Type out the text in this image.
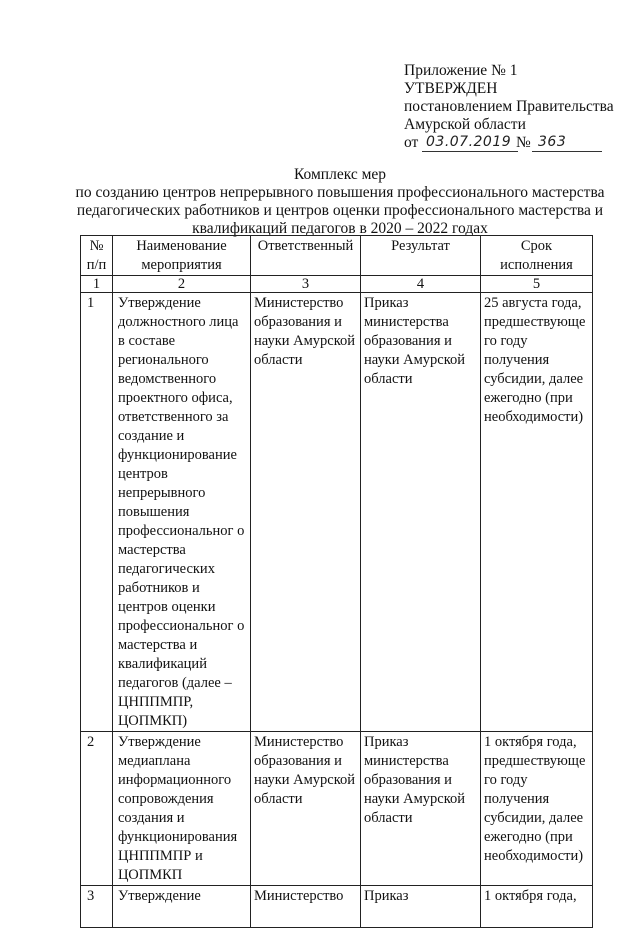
Приложение № 1
УТВЕРЖДЕН
постановлением Правительства
Амурской области
от 03.07.2019 № 363
Комплекс мер
по созданию центров непрерывного повышения профессионального мастерства педагогических работников и центров оценки профессионального мастерства и квалификаций педагогов в 2020 – 2022 годах
№ п/п	Наименование мероприятия	Ответственный	Результат	Срок исполнения
1	2	3	4	5
1	Утверждение должностного лица в составе регионального ведомственного проектного офиса, ответственного за создание и функционирование центров непрерывного повышения профессиональног о мастерства педагогических работников и центров оценки профессиональног о мастерства и квалификаций педагогов (далее – ЦНППМПР, ЦОПМКП)	Министерство образования и науки Амурской области	Приказ министерства образования и науки Амурской области	25 августа года, предшествующе го году получения субсидии, далее ежегодно (при необходимости)
2	Утверждение медиаплана информационного сопровождения создания и функционирования ЦНППМПР и ЦОПМКП	Министерство образования и науки Амурской области	Приказ министерства образования и науки Амурской области	1 октября года, предшествующе го году получения субсидии, далее ежегодно (при необходимости)
3	Утверждение	Министерство	Приказ	1 октября года,
